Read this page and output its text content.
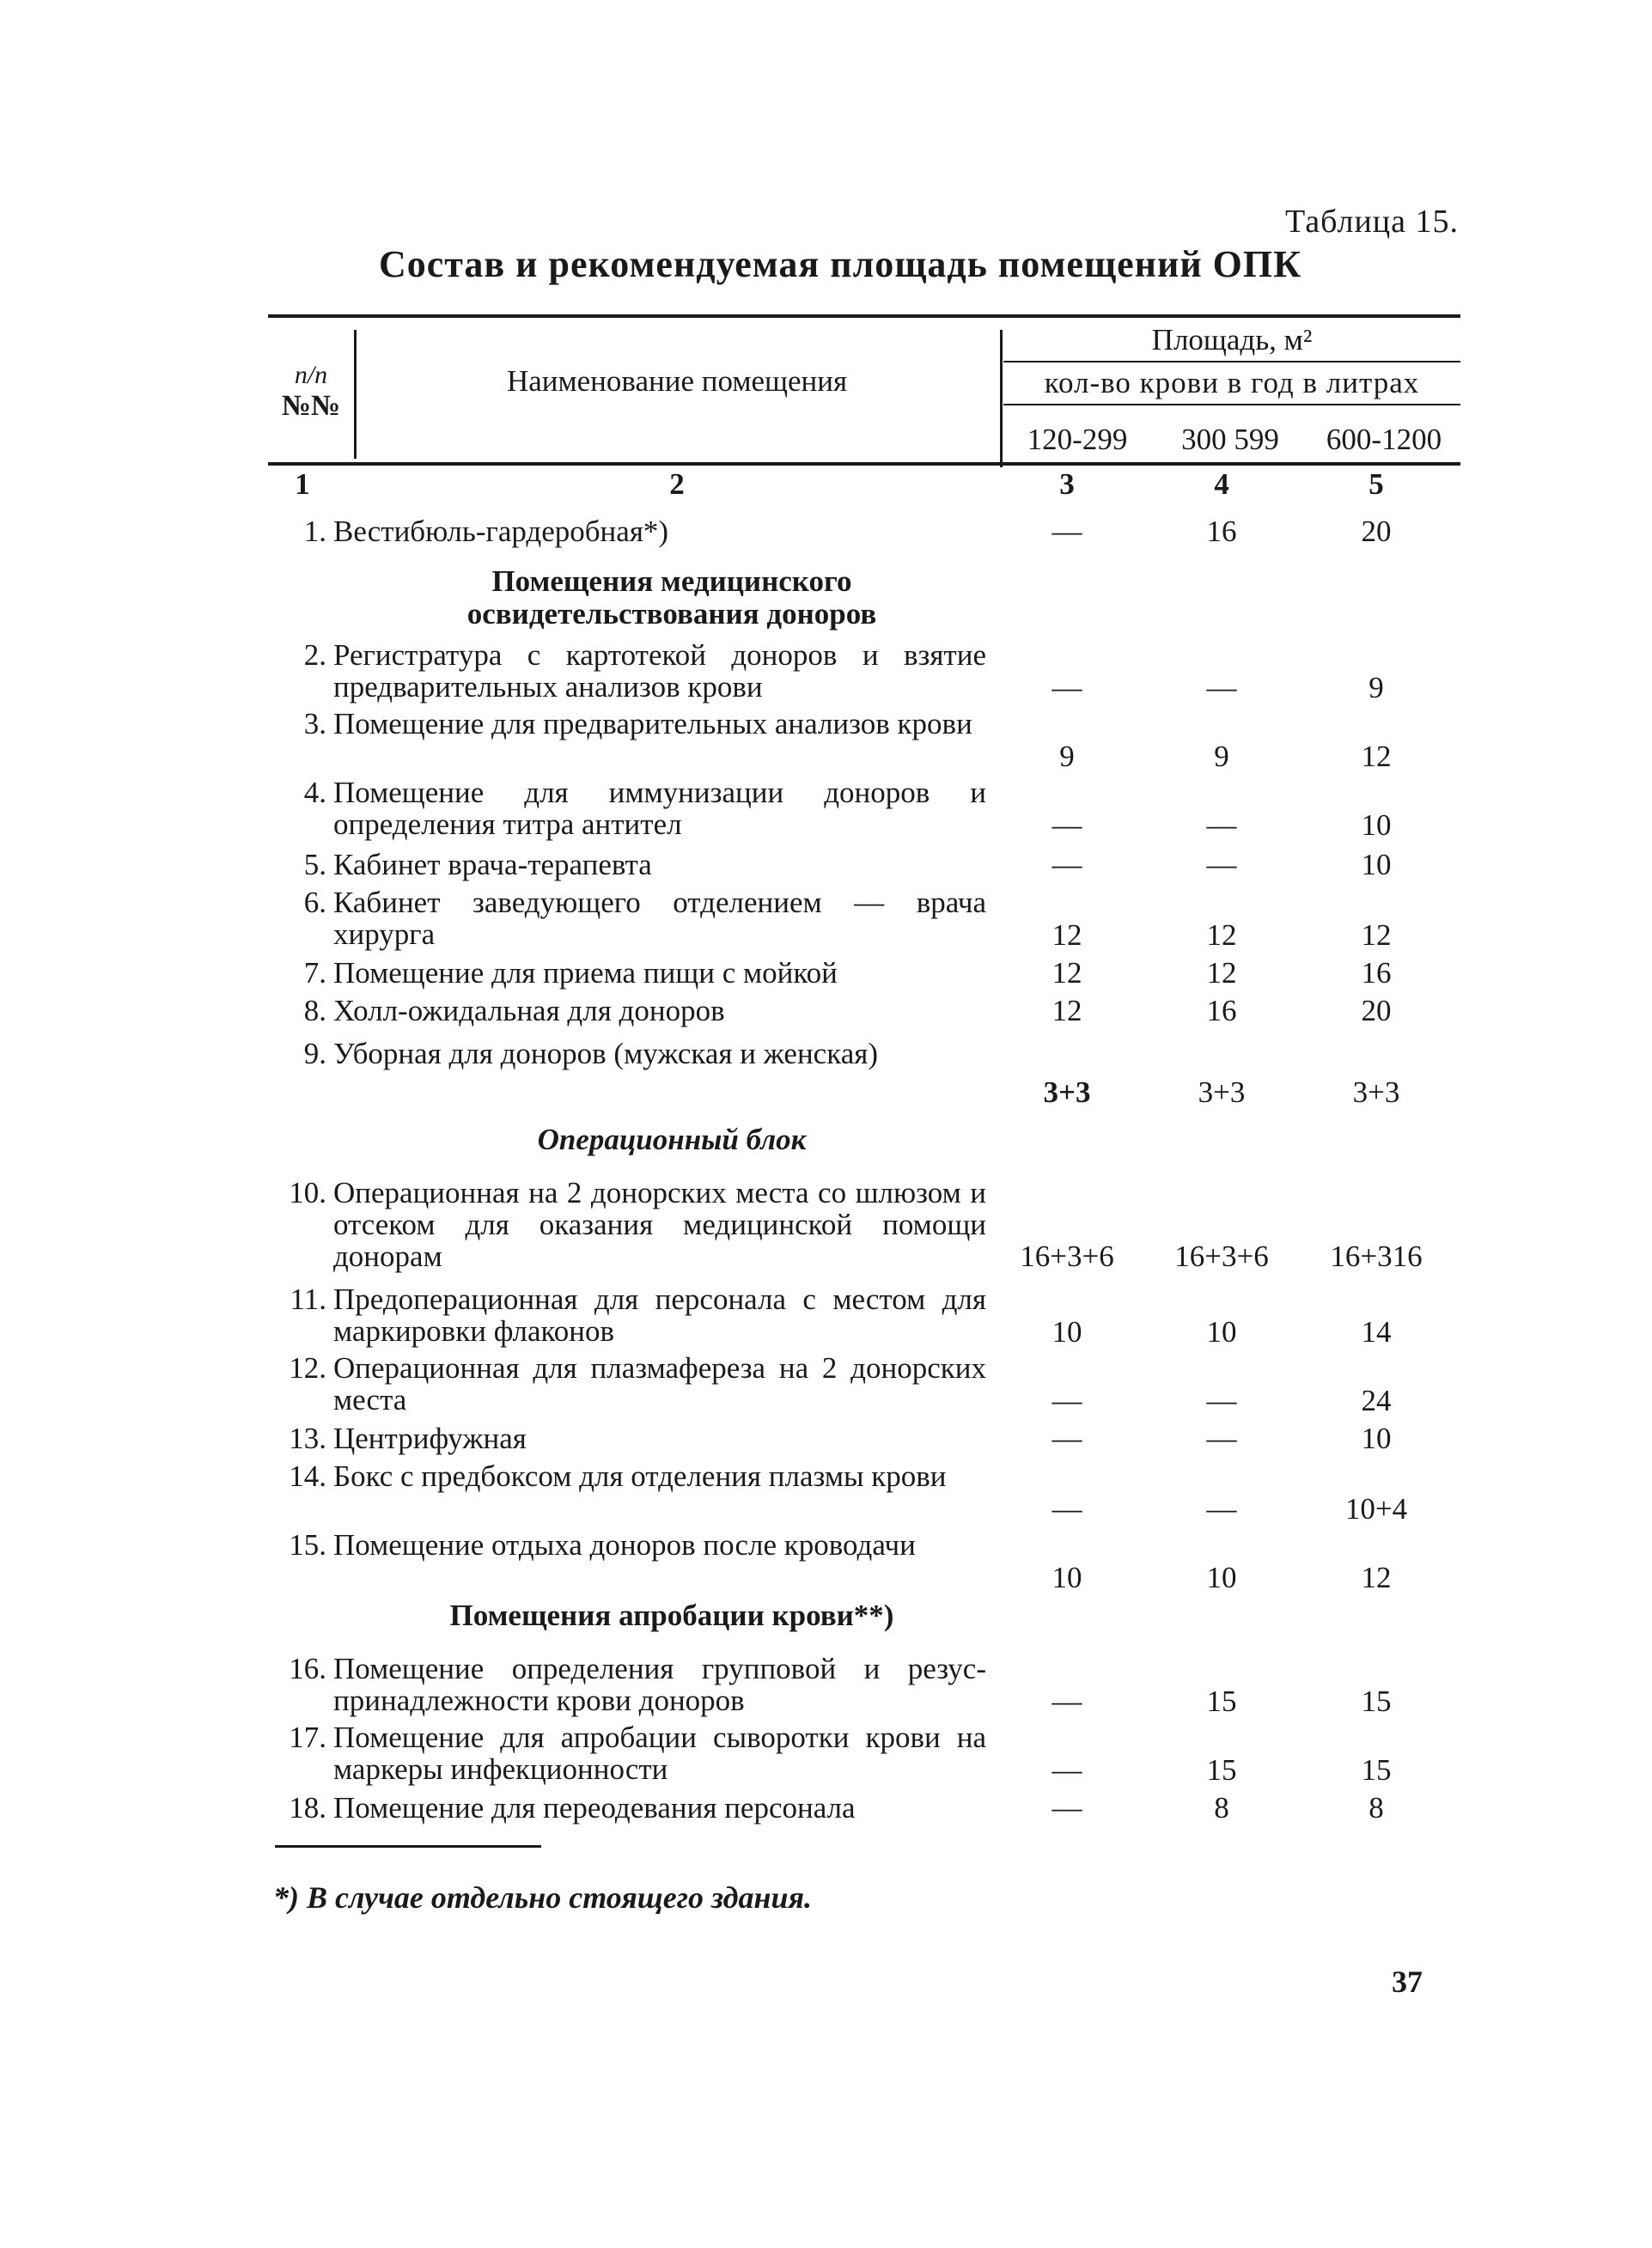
Таблица 15.
Состав и рекомендуемая площадь помещений ОПК
п/п
№№
Наименование помещения
Площадь, м²
кол-во крови в год в литрах
120-299	300 599	600-1200
1	2	3	4	5
1. Вестибюль-гардеробная*)	—	16	20
Помещения медицинского освидетельствования доноров
2. Регистратура с картотекой доноров и взятие предварительных анализов крови	—	—	9
3. Помещение для предварительных анализов крови
9	9	12
4. Помещение для иммунизации доноров и определения титра антител	—	—	10
5. Кабинет врача-терапевта	—	—	10
6. Кабинет заведующего отделением — врача хирурга	12	12	12
7. Помещение для приема пищи с мойкой	12	12	16
8. Холл-ожидальная для доноров	12	16	20
9. Уборная для доноров (мужская и женская)
3+3	3+3	3+3
Операционный блок
10. Операционная на 2 донорских места со шлюзом и отсеком для оказания медицинской помощи донорам	16+3+6	16+3+6	16+316
11. Предоперационная для персонала с местом для маркировки флаконов	10	10	14
12. Операционная для плазмафереза на 2 донорских места	—	—	24
13. Центрифужная	—	—	10
14. Бокс с предбоксом для отделения плазмы крови
—	—	10+4
15. Помещение отдыха доноров после кроводачи
10	10	12
Помещения апробации крови**)
16. Помещение определения групповой и резус-принадлежности крови доноров	—	15	15
17. Помещение для апробации сыворотки крови на маркеры инфекционности	—	15	15
18. Помещение для переодевания персонала	—	8	8
*) В случае отдельно стоящего здания.
37
